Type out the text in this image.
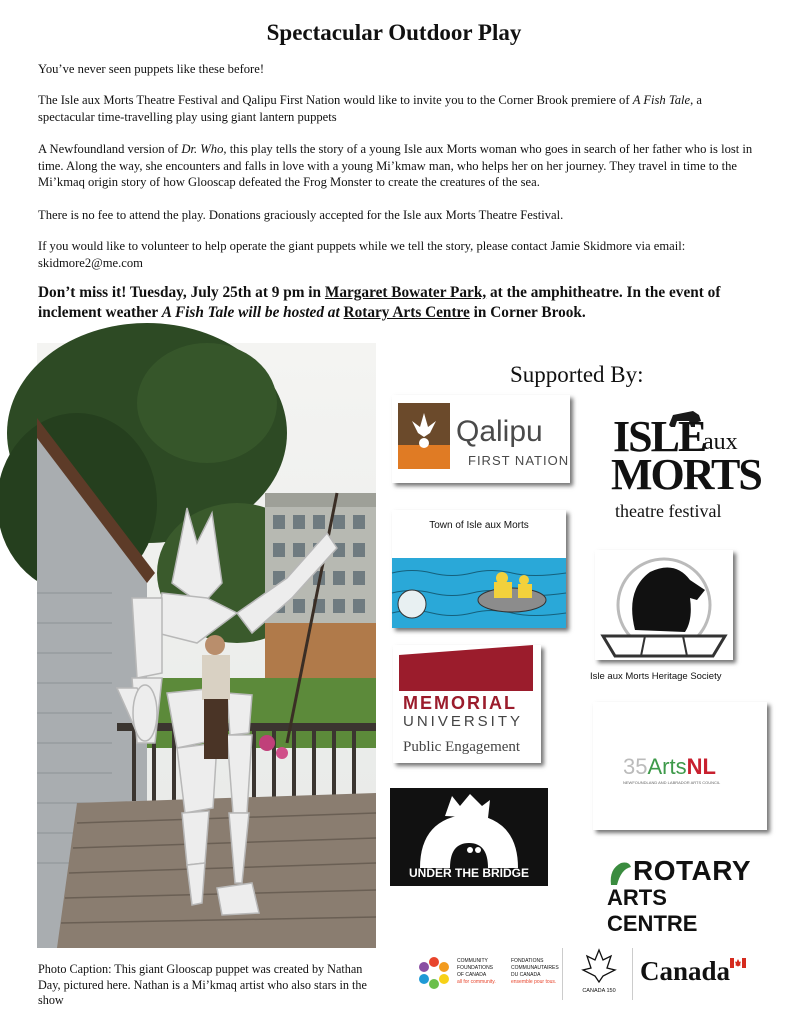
Spectacular Outdoor Play
You’ve never seen puppets like these before!
The Isle aux Morts Theatre Festival and Qalipu First Nation would like to invite you to the Corner Brook premiere of A Fish Tale, a spectacular time-travelling play using giant lantern puppets
A Newfoundland version of Dr. Who, this play tells the story of a young Isle aux Morts woman who goes in search of her father who is lost in time. Along the way, she encounters and falls in love with a young Mi’kmaw man, who helps her on her journey. They travel in time to the Mi’kmaq origin story of how Glooscap defeated the Frog Monster to create the creatures of the sea.
There is no fee to attend the play. Donations graciously accepted for the Isle aux Morts Theatre Festival.
If you would like to volunteer to help operate the giant puppets while we tell the story, please contact Jamie Skidmore via email: skidmore2@me.com
Don’t miss it! Tuesday, July 25th at 9 pm in Margaret Bowater Park, at the amphitheatre. In the event of inclement weather A Fish Tale will be hosted at Rotary Arts Centre in Corner Brook.
Photo Caption: This giant Glooscap puppet was created by Nathan Day, pictured here. Nathan is a Mi’kmaq artist who also stars in the show
Supported By:
Qalipu
FIRST NATION ISLE
aux
MORTS
theatre festival
Town of Isle aux Morts
Isle aux Morts Heritage Society
MEMORIAL
UNIVERSITY
Public Engagement
35ArtsNL
NEWFOUNDLAND AND LABRADOR ARTS COUNCIL
UNDER THE BRIDGE	ROTARY
ARTS CENTRE
COMMUNITY
FOUNDATIONS
OF CANADA
all for community.
FONDATIONS
COMMUNAUTAIRES
DU CANADA
ensemble pour tous.
CANADA 150
Canada
